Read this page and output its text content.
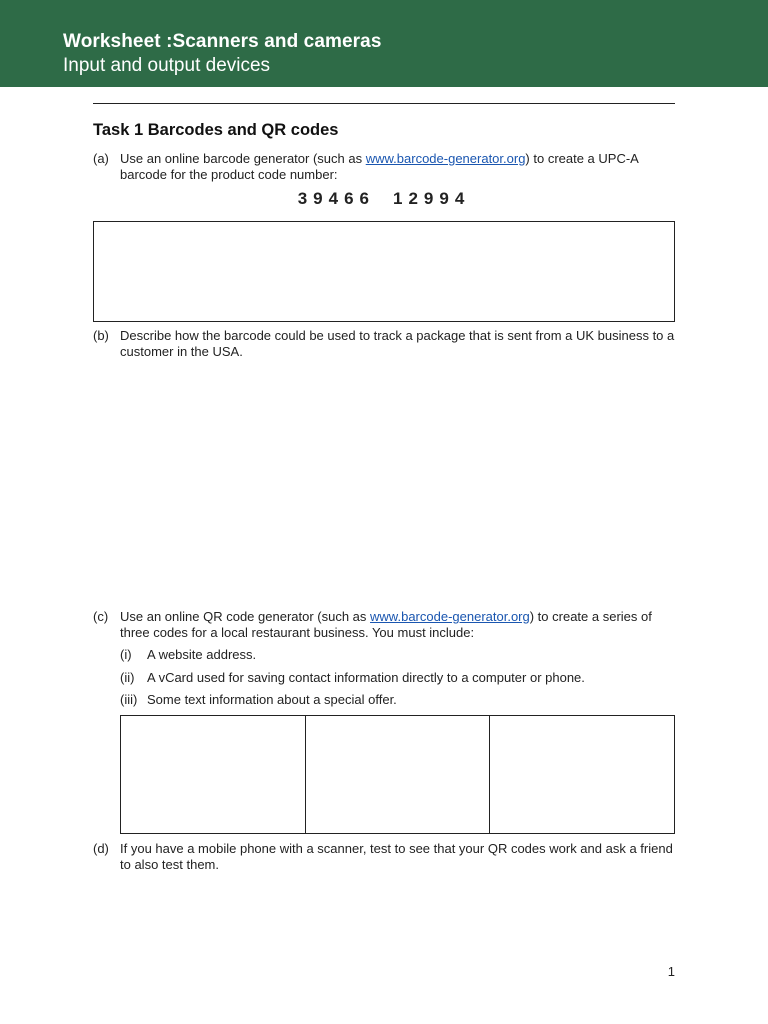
Worksheet :Scanners and cameras
Input and output devices
Task 1 Barcodes and QR codes
(a) Use an online barcode generator (such as www.barcode-generator.org) to create a UPC-A barcode for the product code number:
39466 12994
(b) Describe how the barcode could be used to track a package that is sent from a UK business to a customer in the USA.
(c) Use an online QR code generator (such as www.barcode-generator.org) to create a series of three codes for a local restaurant business. You must include:
(i) A website address.
(ii) A vCard used for saving contact information directly to a computer or phone.
(iii) Some text information about a special offer.
(d) If you have a mobile phone with a scanner, test to see that your QR codes work and ask a friend to also test them.
1
